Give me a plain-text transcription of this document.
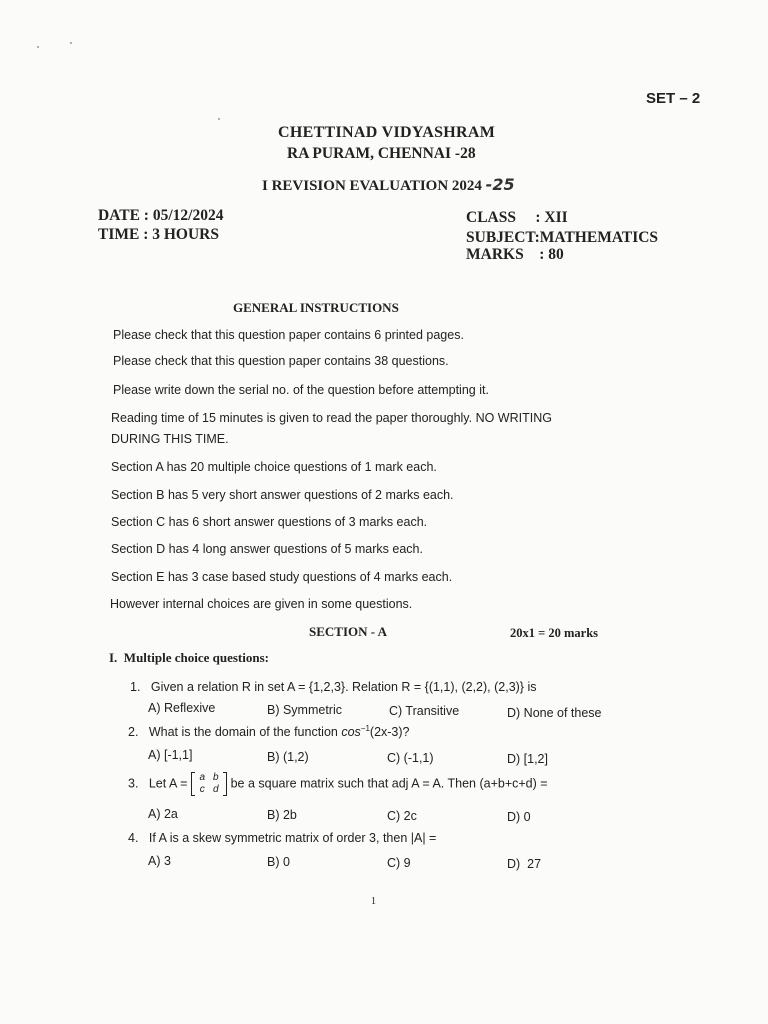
SET – 2
CHETTINAD VIDYASHRAM
RA PURAM, CHENNAI -28
I REVISION EVALUATION 2024 -25
DATE : 05/12/2024
TIME : 3 HOURS
CLASS     : XII
SUBJECT:MATHEMATICS
MARKS    : 80
GENERAL INSTRUCTIONS
Please check that this question paper contains 6 printed pages.
Please check that this question paper contains 38 questions.
Please write down the serial no. of the question before attempting it.
Reading time of 15 minutes is given to read the paper thoroughly. NO WRITING
DURING THIS TIME.
Section A has 20 multiple choice questions of 1 mark each.
Section B has 5 very short answer questions of 2 marks each.
Section C has 6 short answer questions of 3 marks each.
Section D has 4 long answer questions of 5 marks each.
Section E has 3 case based study questions of 4 marks each.
However internal choices are given in some questions.
SECTION - A	20x1 = 20 marks
I.  Multiple choice questions:
1. Given a relation R in set A = {1,2,3}. Relation R = {(1,1), (2,2), (2,3)} is
A) Reflexive	B) Symmetric	C) Transitive	D) None of these
2. What is the domain of the function $\cos^{-1}(2x-3)$?
A) [-1,1]	B) (1,2)	C) (-1,1)	D) [1,2]
3. Let A = a	b
c	d be a square matrix such that adj A = A. Then (a+b+c+d) =
A) 2a	B) 2b	C) 2c	D) 0
4. If A is a skew symmetric matrix of order 3, then |A| =
A) 3	B) 0	C) 9	D)  27
1
